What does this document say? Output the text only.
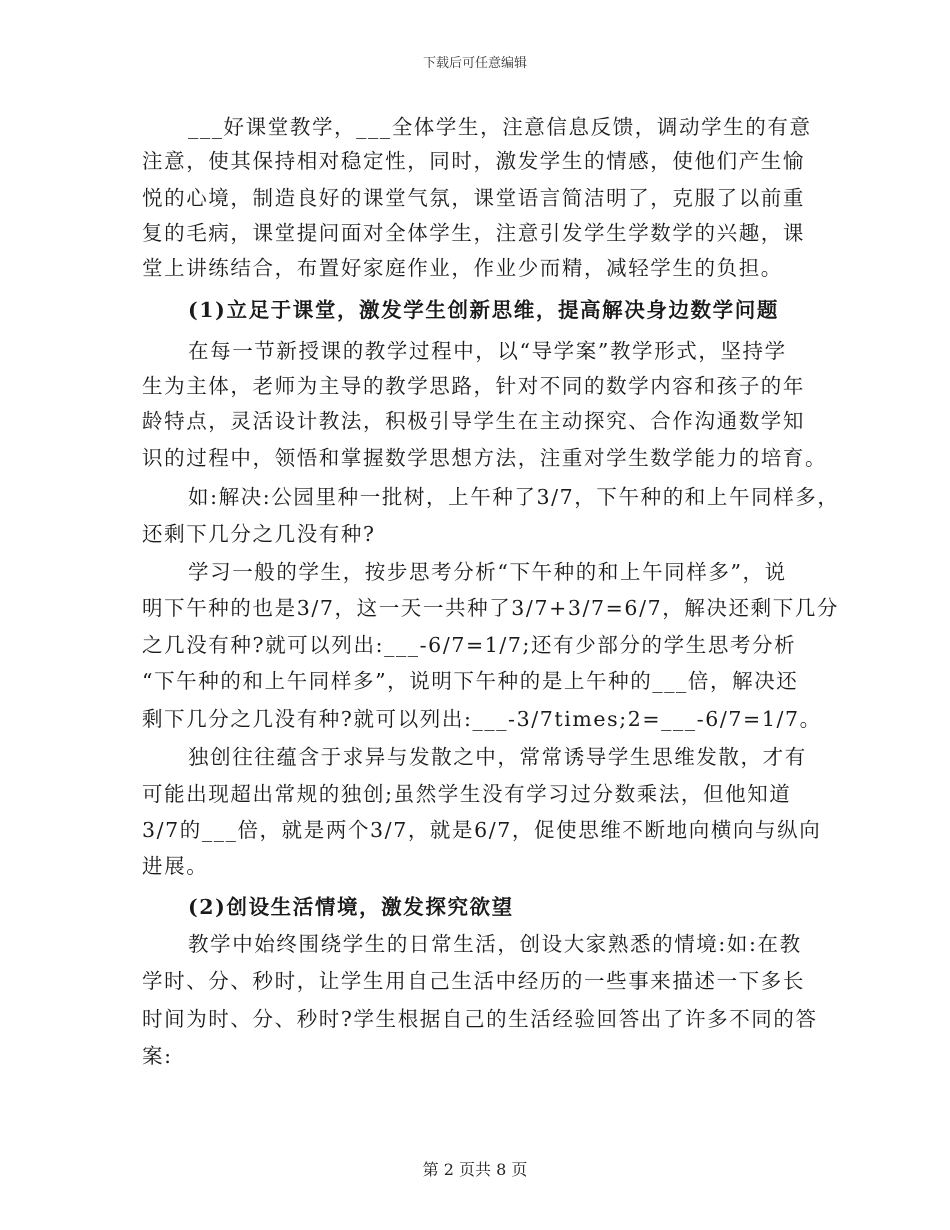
下载后可任意编辑
___好课堂教学，___全体学生，注意信息反馈，调动学生的有意
注意，使其保持相对稳定性，同时，激发学生的情感，使他们产生愉
悦的心境，制造良好的课堂气氛，课堂语言简洁明了，克服了以前重
复的毛病，课堂提问面对全体学生，注意引发学生学数学的兴趣，课
堂上讲练结合，布置好家庭作业，作业少而精，减轻学生的负担。
(1)立足于课堂，激发学生创新思维，提高解决身边数学问题
在每一节新授课的教学过程中，以“导学案”教学形式，坚持学
生为主体，老师为主导的教学思路，针对不同的数学内容和孩子的年
龄特点，灵活设计教法，积极引导学生在主动探究、合作沟通数学知
识的过程中，领悟和掌握数学思想方法，注重对学生数学能力的培育。
如:解决:公园里种一批树，上午种了3/7，下午种的和上午同样多，
还剩下几分之几没有种?
学习一般的学生，按步思考分析“下午种的和上午同样多”，说
明下午种的也是3/7，这一天一共种了3/7+3/7=6/7，解决还剩下几分
之几没有种?就可以列出:___-6/7=1/7;还有少部分的学生思考分析
“下午种的和上午同样多”，说明下午种的是上午种的___倍，解决还
剩下几分之几没有种?就可以列出:___-3/7times;2=___-6/7=1/7。
独创往往蕴含于求异与发散之中，常常诱导学生思维发散，才有
可能出现超出常规的独创;虽然学生没有学习过分数乘法，但他知道
3/7的___倍，就是两个3/7，就是6/7，促使思维不断地向横向与纵向
进展。
(2)创设生活情境，激发探究欲望
教学中始终围绕学生的日常生活，创设大家熟悉的情境:如:在教
学时、分、秒时，让学生用自己生活中经历的一些事来描述一下多长
时间为时、分、秒时?学生根据自己的生活经验回答出了许多不同的答
案:
第 2 页共 8 页
